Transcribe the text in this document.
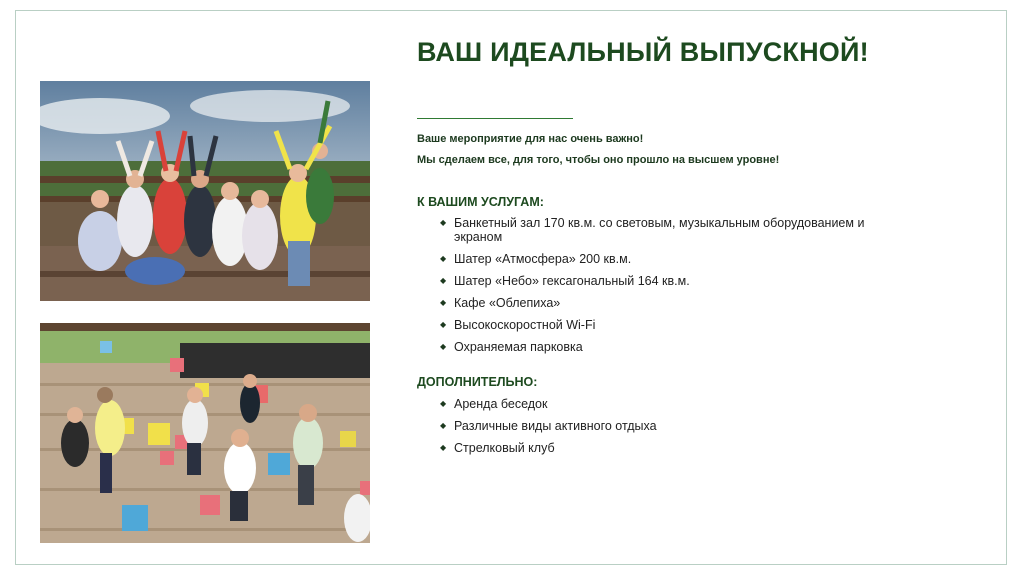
ВАШ ИДЕАЛЬНЫЙ ВЫПУСКНОЙ!
Ваше мероприятие для нас очень важно!
Мы сделаем все, для того, чтобы оно прошло на высшем уровне!
К ВАШИМ УСЛУГАМ:
◆ Банкетный зал 170 кв.м. со световым, музыкальным оборудованием и экраном
◆ Шатер «Атмосфера» 200 кв.м.
◆ Шатер «Небо» гексагональный 164 кв.м.
◆ Кафе «Облепиха»
◆ Высокоскоростной Wi-Fi
◆ Охраняемая парковка
ДОПОЛНИТЕЛЬНО:
◆ Аренда беседок
◆ Различные виды активного отдыха
◆ Стрелковый клуб
